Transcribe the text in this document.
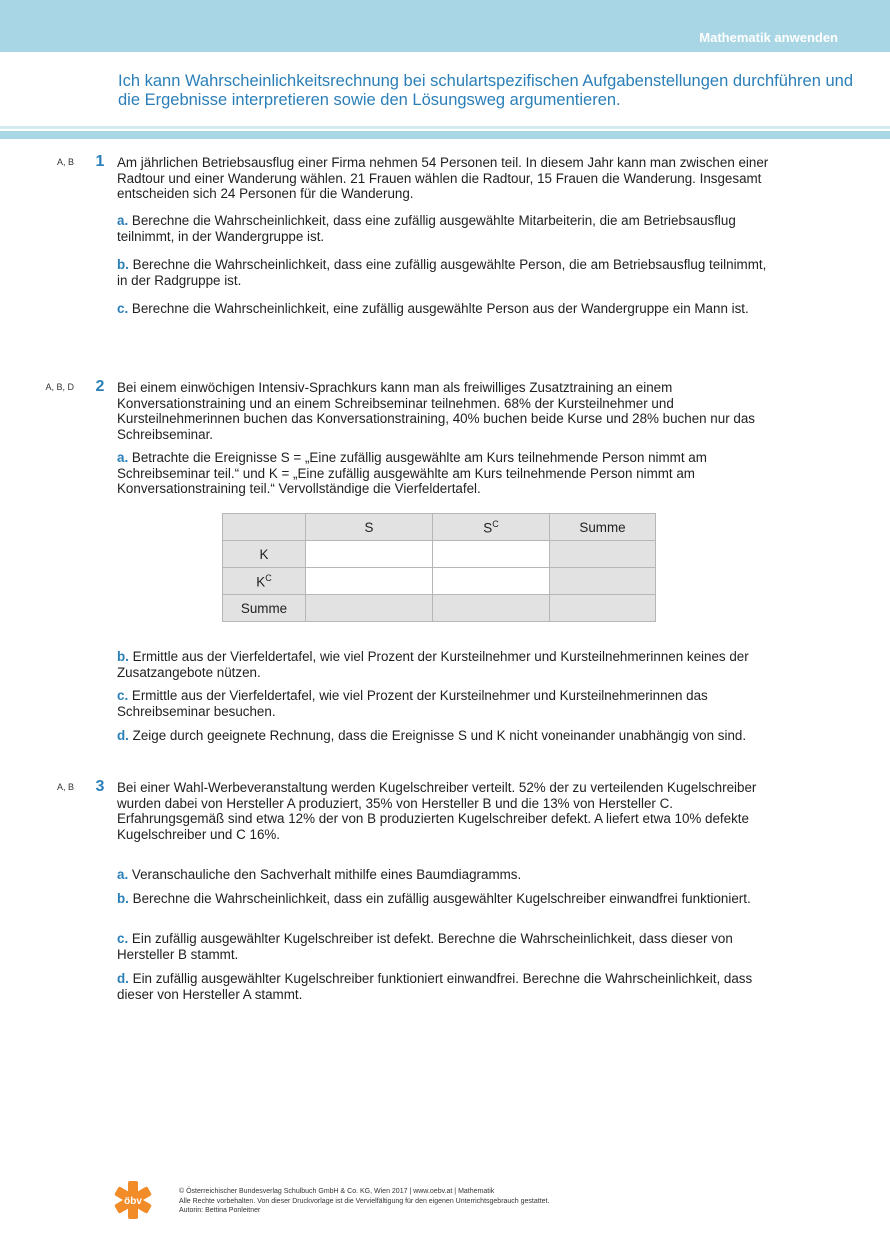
Mathematik anwenden
Ich kann Wahrscheinlichkeitsrechnung bei schulartspezifischen Aufgabenstellungen durchführen und die Ergebnisse interpretieren sowie den Lösungsweg argumentieren.
A, B 1 Am jährlichen Betriebsausflug einer Firma nehmen 54 Personen teil. In diesem Jahr kann man zwischen einer Radtour und einer Wanderung wählen. 21 Frauen wählen die Radtour, 15 Frauen die Wanderung. Insgesamt entscheiden sich 24 Personen für die Wanderung.
a. Berechne die Wahrscheinlichkeit, dass eine zufällig ausgewählte Mitarbeiterin, die am Betriebsausflug teilnimmt, in der Wandergruppe ist.
b. Berechne die Wahrscheinlichkeit, dass eine zufällig ausgewählte Person, die am Betriebsausflug teilnimmt, in der Radgruppe ist.
c. Berechne die Wahrscheinlichkeit, eine zufällig ausgewählte Person aus der Wandergruppe ein Mann ist.
A, B, D 2 Bei einem einwöchigen Intensiv-Sprachkurs kann man als freiwilliges Zusatztraining an einem Konversationstraining und an einem Schreibseminar teilnehmen. 68% der Kursteilnehmer und Kursteilnehmerinnen buchen das Konversationstraining, 40% buchen beide Kurse und 28% buchen nur das Schreibseminar.
a. Betrachte die Ereignisse S = „Eine zufällig ausgewählte am Kurs teilnehmende Person nimmt am Schreibseminar teil.“ und K = „Eine zufällig ausgewählte am Kurs teilnehmende Person nimmt am Konversationstraining teil.“ Vervollständige die Vierfeldertafel.
	S	$S^C$	Summe
K			
$K^C$			
Summe			
b. Ermittle aus der Vierfeldertafel, wie viel Prozent der Kursteilnehmer und Kursteilnehmerinnen keines der Zusatzangebote nützen.
c. Ermittle aus der Vierfeldertafel, wie viel Prozent der Kursteilnehmer und Kursteilnehmerinnen das Schreibseminar besuchen.
d. Zeige durch geeignete Rechnung, dass die Ereignisse S und K nicht voneinander unabhängig von sind.
A, B 3 Bei einer Wahl-Werbeveranstaltung werden Kugelschreiber verteilt. 52% der zu verteilenden Kugelschreiber wurden dabei von Hersteller A produziert, 35% von Hersteller B und die 13% von Hersteller C. Erfahrungsgemäß sind etwa 12% der von B produzierten Kugelschreiber defekt. A liefert etwa 10% defekte Kugelschreiber und C 16%.
a. Veranschauliche den Sachverhalt mithilfe eines Baumdiagramms.
b. Berechne die Wahrscheinlichkeit, dass ein zufällig ausgewählter Kugelschreiber einwandfrei funktioniert.
c. Ein zufällig ausgewählter Kugelschreiber ist defekt. Berechne die Wahrscheinlichkeit, dass dieser von Hersteller B stammt.
d. Ein zufällig ausgewählter Kugelschreiber funktioniert einwandfrei. Berechne die Wahrscheinlichkeit, dass dieser von Hersteller A stammt.
öbv
© Österreichischer Bundesverlag Schulbuch GmbH & Co. KG, Wien 2017 | www.oebv.at | Mathematik
Alle Rechte vorbehalten. Von dieser Druckvorlage ist die Vervielfältigung für den eigenen Unterrichtsgebrauch gestattet.
Autorin: Bettina Ponleitner
